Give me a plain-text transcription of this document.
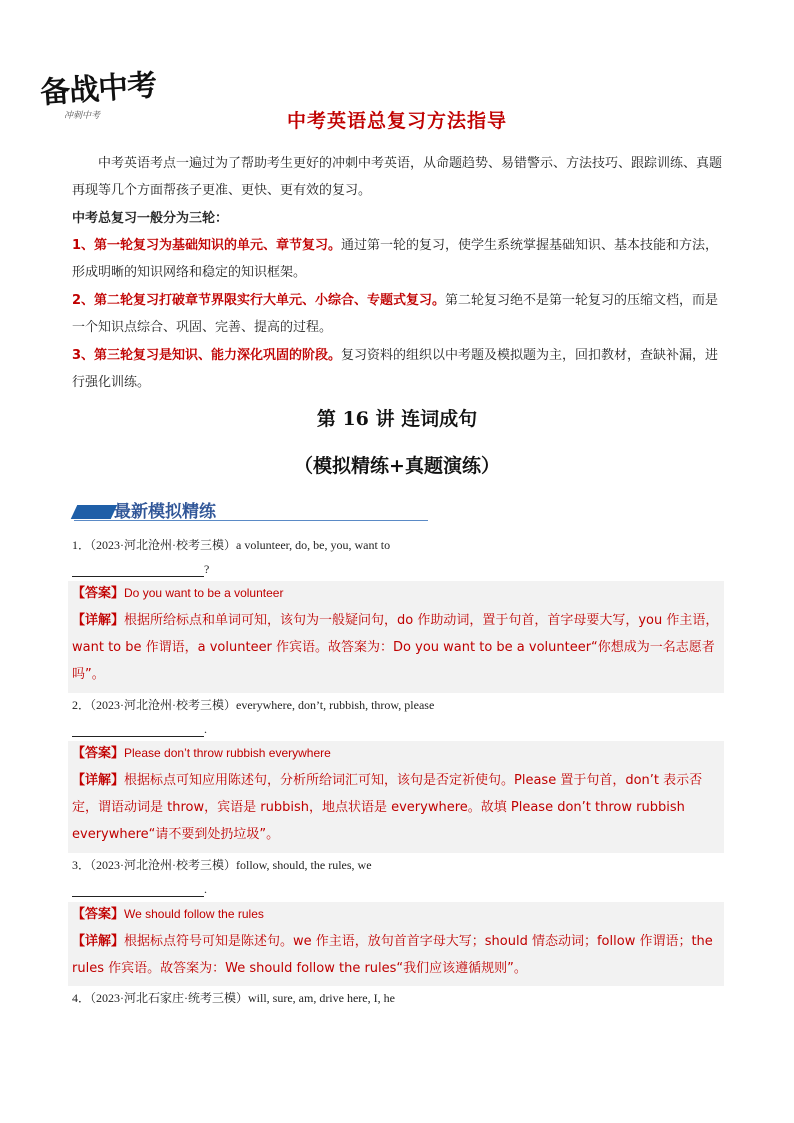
备战中考
冲刺中考	中考英语总复习方法指导

中考英语考点一遍过为了帮助考生更好的冲刺中考英语，从命题趋势、易错警示、方法技巧、跟踪训练、真题再现等几个方面帮孩子更准、更快、更有效的复习。

中考总复习一般分为三轮：

1、第一轮复习为基础知识的单元、章节复习。通过第一轮的复习，使学生系统掌握基础知识、基本技能和方法，形成明晰的知识网络和稳定的知识框架。

2、第二轮复习打破章节界限实行大单元、小综合、专题式复习。第二轮复习绝不是第一轮复习的压缩文档，而是一个知识点综合、巩固、完善、提高的过程。

3、第三轮复习是知识、能力深化巩固的阶段。复习资料的组织以中考题及模拟题为主，回扣教材，查缺补漏，进行强化训练。

第 16 讲 连词成句
（模拟精练+真题演练）
最新模拟精练
1．（2023·河北沧州·校考三模）a volunteer, do, be, you, want to
?
【答案】Do you want to be a volunteer
【详解】根据所给标点和单词可知，该句为一般疑问句，do 作助动词，置于句首，首字母要大写，you 作主语，want to be 作谓语，a volunteer 作宾语。故答案为：Do you want to be a volunteer“你想成为一名志愿者吗”。
2．（2023·河北沧州·校考三模）everywhere, don’t, rubbish, throw, please
.
【答案】Please don’t throw rubbish everywhere
【详解】根据标点可知应用陈述句，分析所给词汇可知，该句是否定祈使句。Please 置于句首，don’t 表示否定，谓语动词是 throw，宾语是 rubbish，地点状语是 everywhere。故填 Please don’t throw rubbish everywhere“请不要到处扔垃圾”。
3．（2023·河北沧州·校考三模）follow, should, the rules, we
.
【答案】We should follow the rules
【详解】根据标点符号可知是陈述句。we 作主语，放句首首字母大写；should 情态动词；follow 作谓语；the rules 作宾语。故答案为：We should follow the rules“我们应该遵循规则”。
4．（2023·河北石家庄·统考三模）will, sure, am, drive here, I, he
